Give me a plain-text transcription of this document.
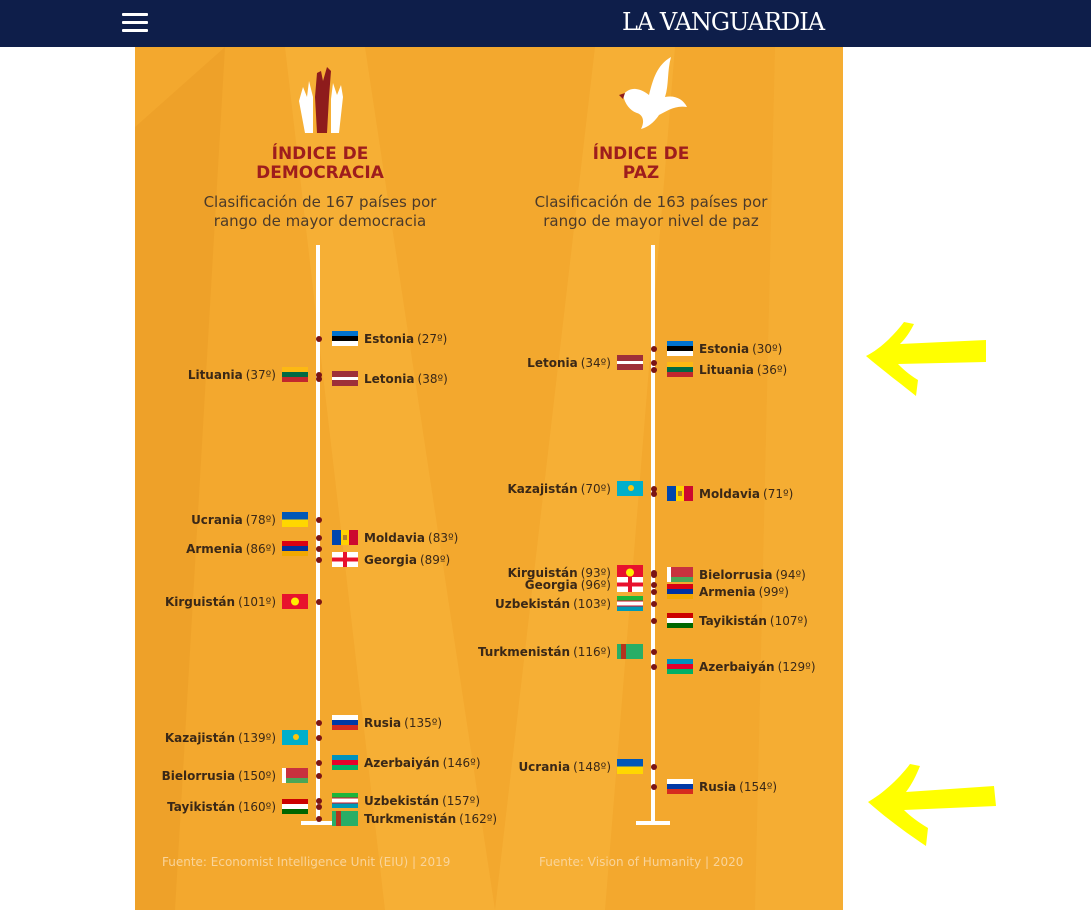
LA VANGUARDIA
ÍNDICE DE
DEMOCRACIA
Clasificación de 167 países por
rango de mayor democracia
ÍNDICE DE
PAZ
Clasificación de 163 países por
rango de mayor nivel de paz
Estonia (27º)
Lituania (37º)	Letonia (38º)
Ucrania (78º)
Moldavia (83º)
Armenia (86º)
Georgia (89º)
Kirguistán (101º)
Rusia (135º)
Kazajistán (139º)
Azerbaiyán (146º)
Bielorrusia (150º)
Uzbekistán (157º)
Tayikistán (160º)
Turkmenistán (162º)
Estonia (30º)
Letonia (34º)	Lituania (36º)
Kazajistán (70º)	Moldavia (71º)
Kirguistán (93º)	Bielorrusia (94º)
Georgia (96º)	Armenia (99º)
Uzbekistán (103º)
Tayikistán (107º)
Turkmenistán (116º)
Azerbaiyán (129º)
Ucrania (148º)
Rusia (154º)
Fuente: Economist Intelligence Unit (EIU) | 2019	Fuente: Vision of Humanity | 2020
